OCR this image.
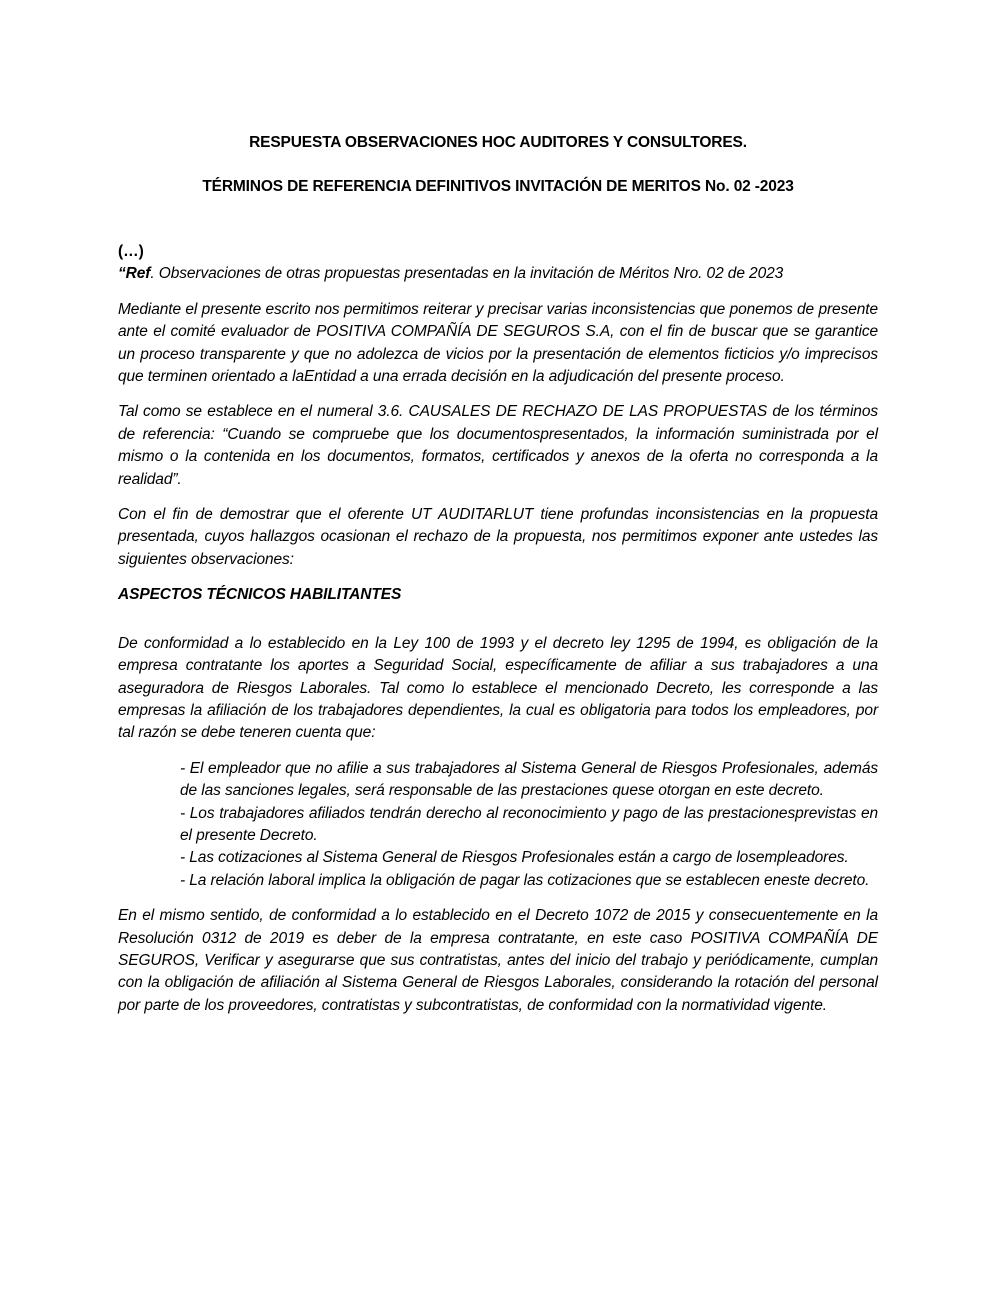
RESPUESTA OBSERVACIONES HOC AUDITORES Y CONSULTORES.
TÉRMINOS DE REFERENCIA DEFINITIVOS INVITACIÓN DE MERITOS No. 02 -2023
(…)

“Ref. Observaciones de otras propuestas presentadas en la invitación de Méritos Nro. 02 de 2023

Mediante el presente escrito nos permitimos reiterar y precisar varias inconsistencias que ponemos de presente ante el comité evaluador de POSITIVA COMPAÑÍA DE SEGUROS S.A, con el fin de buscar que se garantice un proceso transparente y que no adolezca de vicios por la presentación de elementos ficticios y/o imprecisos que terminen orientado a laEntidad a una errada decisión en la adjudicación del presente proceso.

Tal como se establece en el numeral 3.6. CAUSALES DE RECHAZO DE LAS PROPUESTAS de los términos de referencia: “Cuando se compruebe que los documentospresentados, la información suministrada por el mismo o la contenida en los documentos, formatos, certificados y anexos de la oferta no corresponda a la realidad”.

Con el fin de demostrar que el oferente UT AUDITARLUT tiene profundas inconsistencias en la propuesta presentada, cuyos hallazgos ocasionan el rechazo de la propuesta, nos permitimos exponer ante ustedes las siguientes observaciones:

ASPECTOS TÉCNICOS HABILITANTES

De conformidad a lo establecido en la Ley 100 de 1993 y el decreto ley 1295 de 1994, es obligación de la empresa contratante los aportes a Seguridad Social, específicamente de afiliar a sus trabajadores a una aseguradora de Riesgos Laborales. Tal como lo establece el mencionado Decreto, les corresponde a las empresas la afiliación de los trabajadores dependientes, la cual es obligatoria para todos los empleadores, por tal razón se debe teneren cuenta que:

- El empleador que no afilie a sus trabajadores al Sistema General de Riesgos Profesionales, además de las sanciones legales, será responsable de las prestaciones quese otorgan en este decreto.

- Los trabajadores afiliados tendrán derecho al reconocimiento y pago de las prestacionesprevistas en el presente Decreto.

- Las cotizaciones al Sistema General de Riesgos Profesionales están a cargo de losempleadores.

- La relación laboral implica la obligación de pagar las cotizaciones que se establecen eneste decreto.

En el mismo sentido, de conformidad a lo establecido en el Decreto 1072 de 2015 y consecuentemente en la Resolución 0312 de 2019 es deber de la empresa contratante, en este caso POSITIVA COMPAÑÍA DE SEGUROS, Verificar y asegurarse que sus contratistas, antes del inicio del trabajo y periódicamente, cumplan con la obligación de afiliación al Sistema General de Riesgos Laborales, considerando la rotación del personal por parte de los proveedores, contratistas y subcontratistas, de conformidad con la normatividad vigente.
